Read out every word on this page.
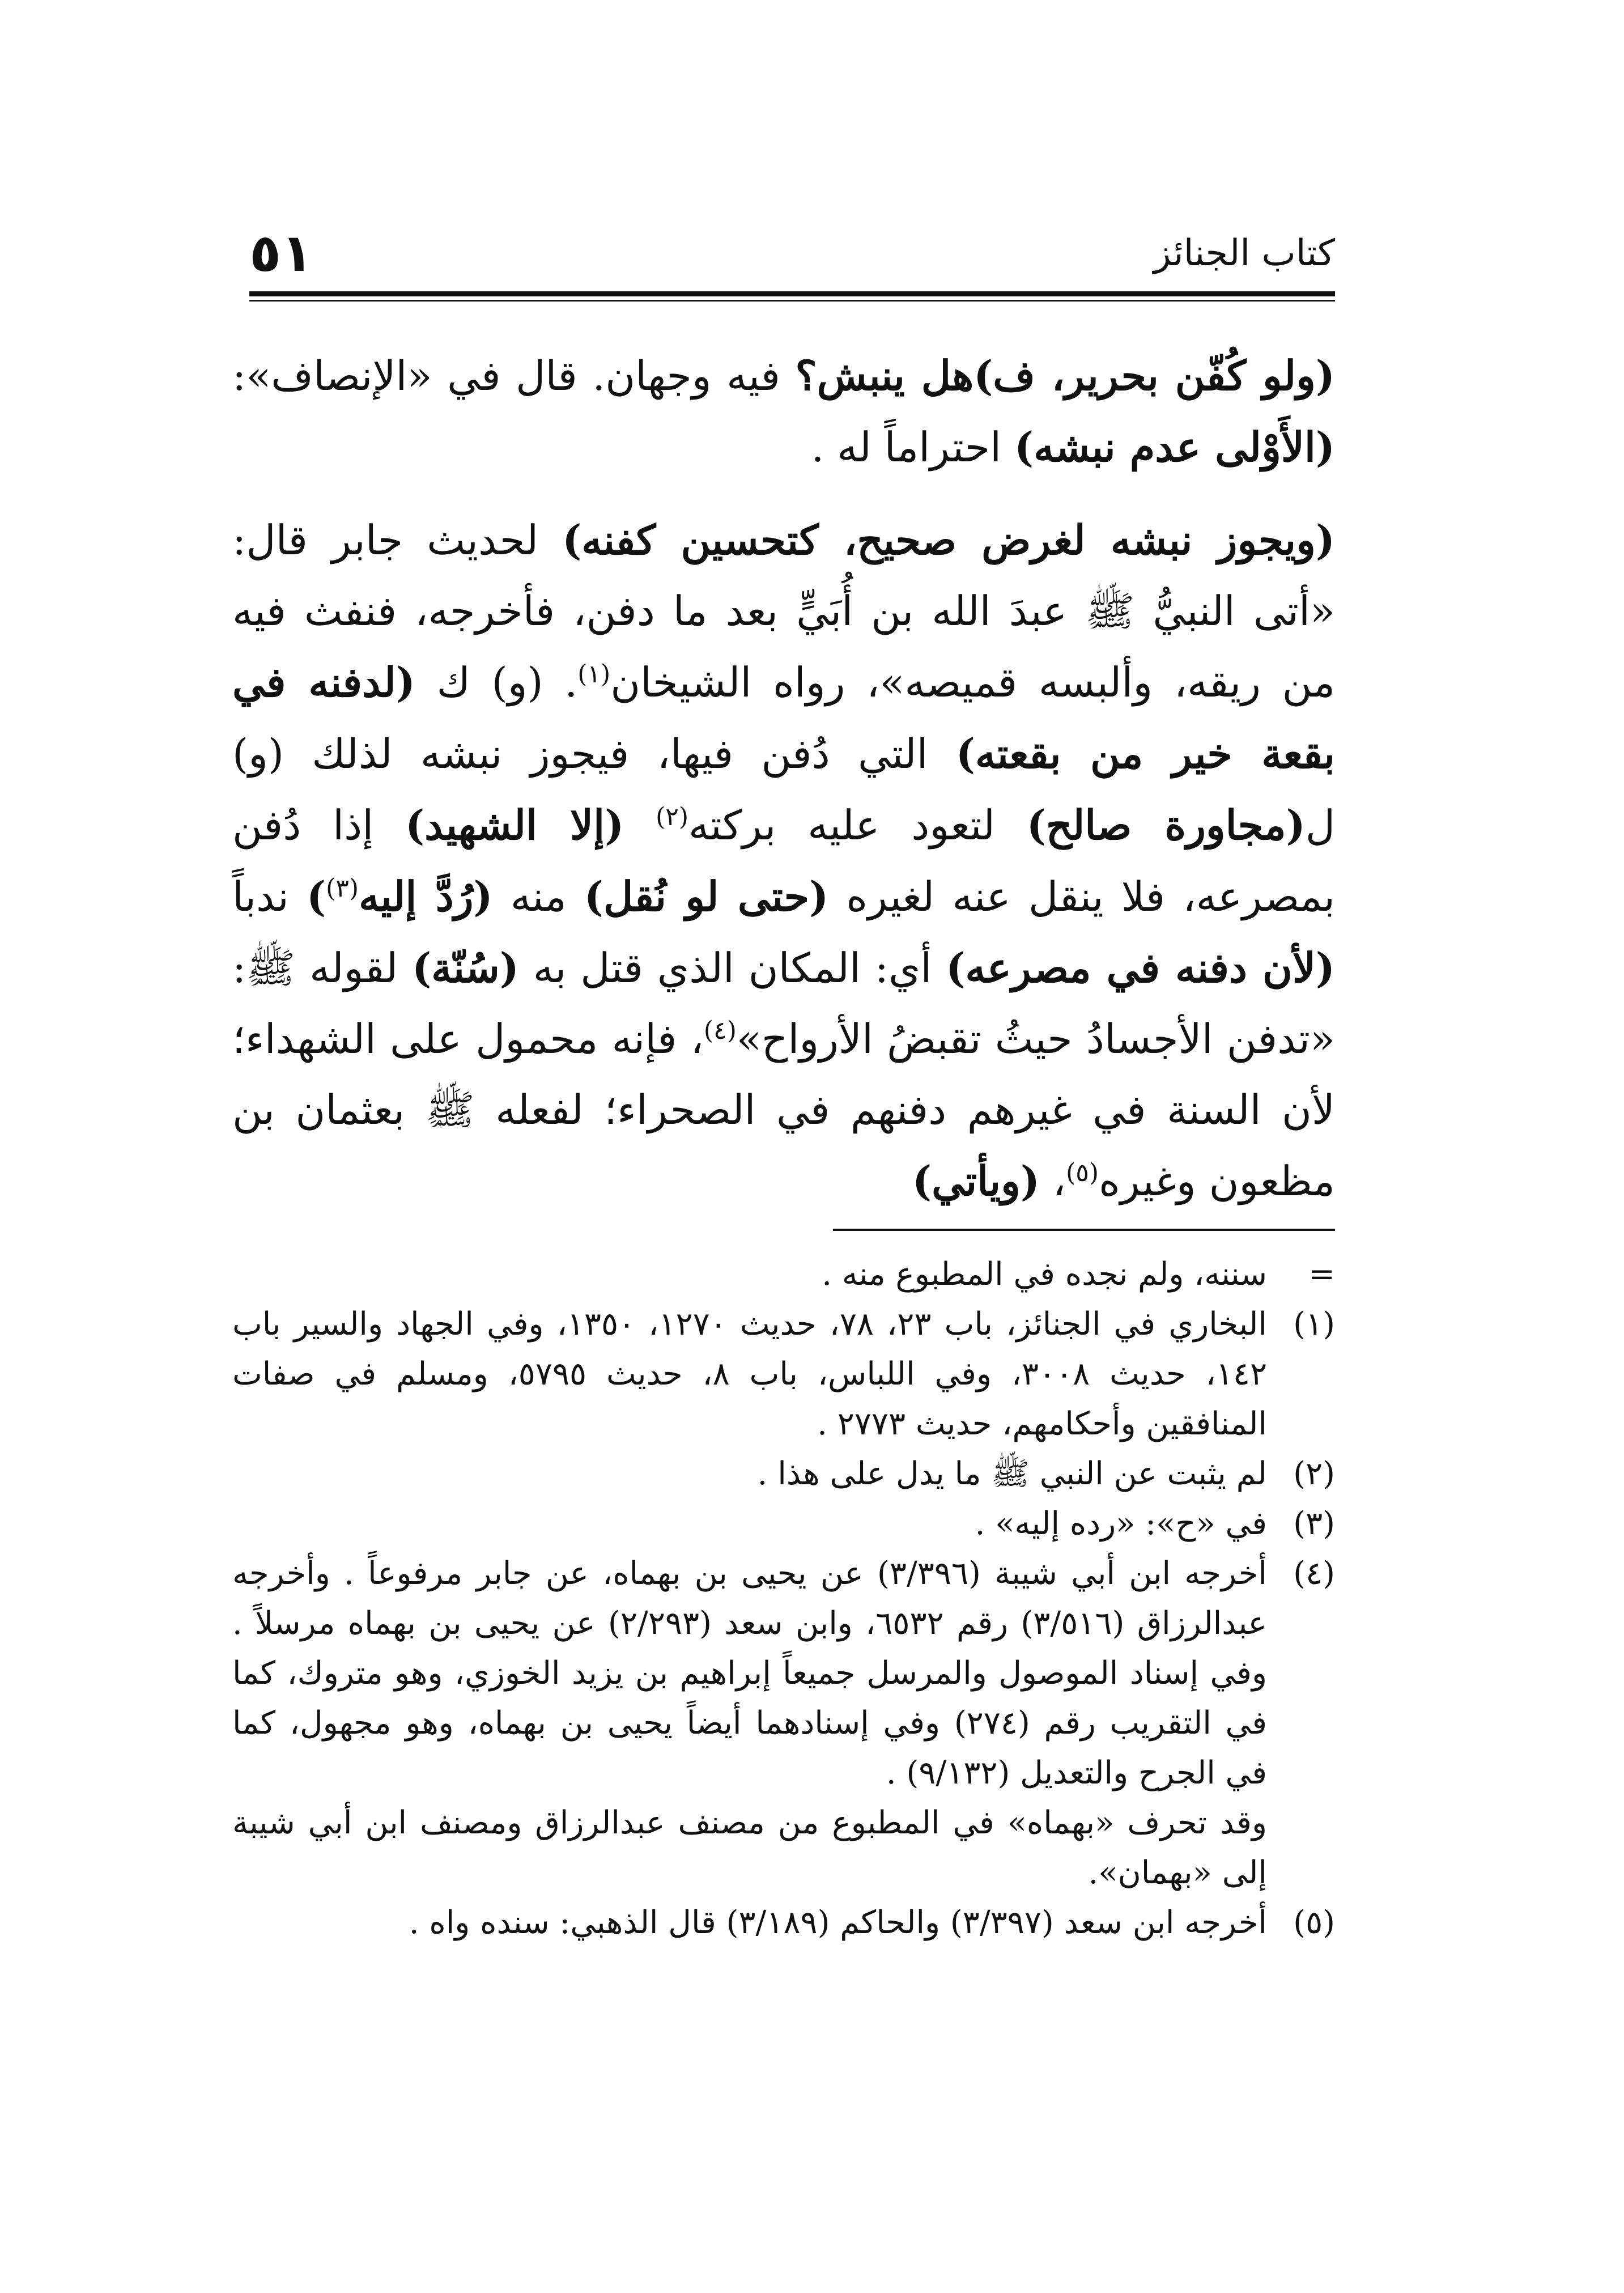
٥١	كتاب الجنائز

(ولو كُفّن بحرير، ف)هل ينبش؟ فيه وجهان. قال في «الإنصاف»: (الأَوْلى عدم نبشه) احتراماً له .

(ويجوز نبشه لغرض صحيح، كتحسين كفنه) لحديث جابر قال: «أتى النبيُّ ﷺ عبدَ الله بن أُبَيٍّ بعد ما دفن، فأخرجه، فنفث فيه من ريقه، وألبسه قميصه»، رواه الشيخان$^{(١)}$. (و) ك (لدفنه في بقعة خير من بقعته) التي دُفن فيها، فيجوز نبشه لذلك (و) ل(مجاورة صالح) لتعود عليه بركته$^{(٢)}$ (إلا الشهيد) إذا دُفن بمصرعه، فلا ينقل عنه لغيره (حتى لو نُقل) منه (رُدَّ إليه$^{(٣)}$) ندباً (لأن دفنه في مصرعه) أي: المكان الذي قتل به (سُنّة) لقوله ﷺ: «تدفن الأجسادُ حيثُ تقبضُ الأرواح»$^{(٤)}$، فإنه محمول على الشهداء؛ لأن السنة في غيرهم دفنهم في الصحراء؛ لفعله ﷺ بعثمان بن مظعون وغيره$^{(٥)}$، (ويأتي)

=
سننه، ولم نجده في المطبوع منه .

(١)
البخاري في الجنائز، باب ٢٣، ٧٨، حديث ١٢٧٠، ١٣٥٠، وفي الجهاد والسير باب ١٤٢، حديث ٣٠٠٨، وفي اللباس، باب ٨، حديث ٥٧٩٥، ومسلم في صفات المنافقين وأحكامهم، حديث ٢٧٧٣ .

(٢)
لم يثبت عن النبي ﷺ ما يدل على هذا .

(٣)
في «ح»: «رده إليه» .

(٤)
أخرجه ابن أبي شيبة (٣/٣٩٦) عن يحيى بن بهماه، عن جابر مرفوعاً . وأخرجه عبدالرزاق (٣/٥١٦) رقم ٦٥٣٢، وابن سعد (٢/٢٩٣) عن يحيى بن بهماه مرسلاً . وفي إسناد الموصول والمرسل جميعاً إبراهيم بن يزيد الخوزي، وهو متروك، كما في التقريب رقم (٢٧٤) وفي إسنادهما أيضاً يحيى بن بهماه، وهو مجهول، كما في الجرح والتعديل (٩/١٣٢) .

وقد تحرف «بهماه» في المطبوع من مصنف عبدالرزاق ومصنف ابن أبي شيبة إلى «بهمان».

(٥)
أخرجه ابن سعد (٣/٣٩٧) والحاكم (٣/١٨٩) قال الذهبي: سنده واه .
